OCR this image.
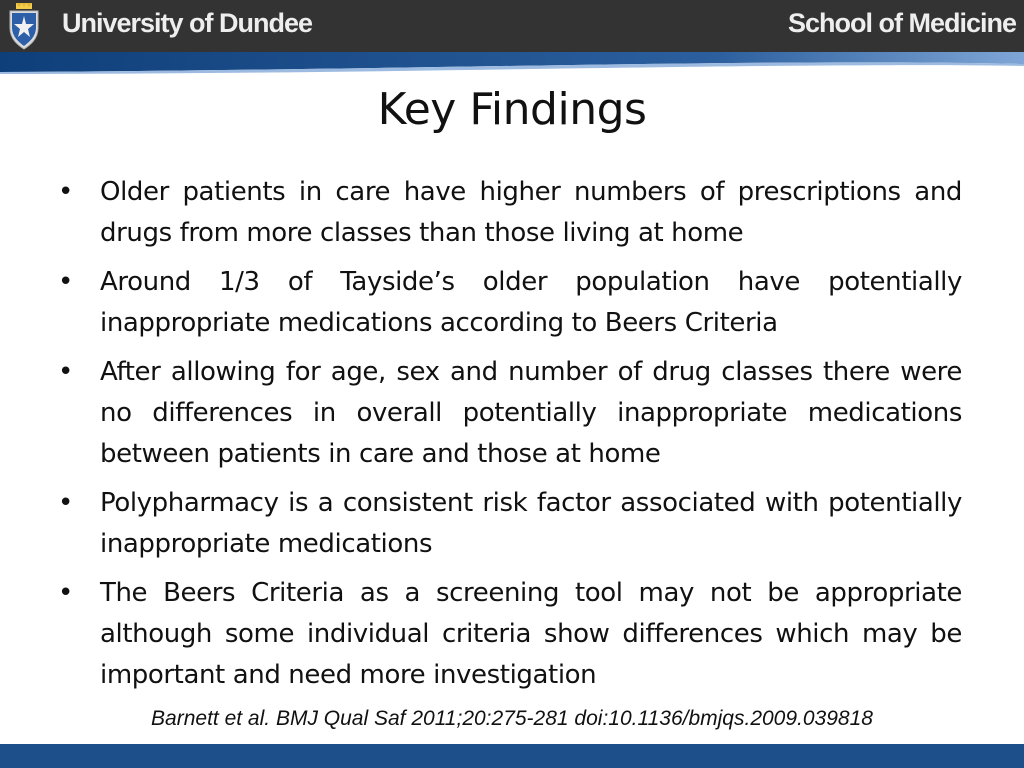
University of Dundee	School of Medicine
Key Findings
• Older patients in care have higher numbers of prescriptions and drugs from more classes than those living at home
• Around 1/3 of Tayside’s older population have potentially inappropriate medications according to Beers Criteria
• After allowing for age, sex and number of drug classes there were no differences in overall potentially inappropriate medications between patients in care and those at home
• Polypharmacy is a consistent risk factor associated with potentially inappropriate medications
• The Beers Criteria as a screening tool may not be appropriate although some individual criteria show differences which may be important and need more investigation
Barnett et al. BMJ Qual Saf 2011;20:275-281 doi:10.1136/bmjqs.2009.039818
